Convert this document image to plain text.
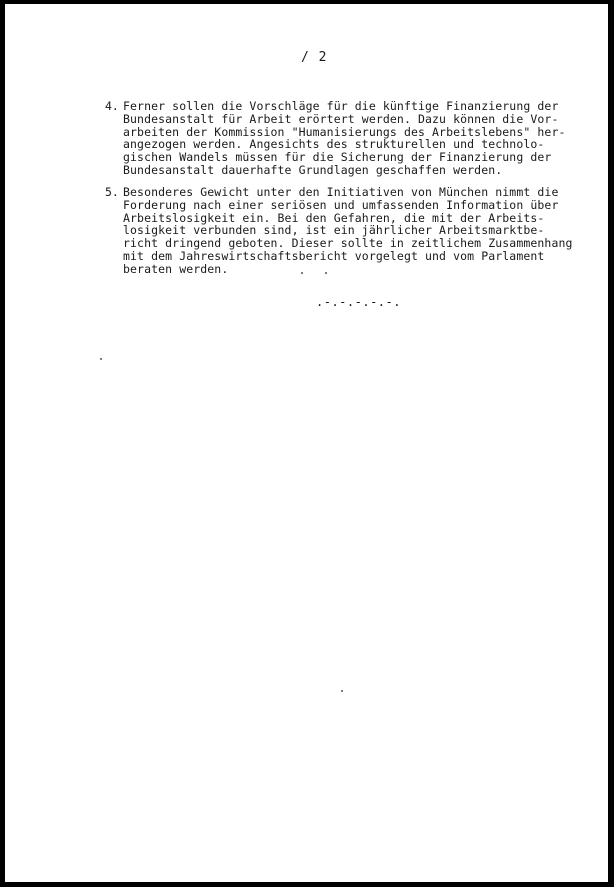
/ 2
4. Ferner sollen die Vorschläge für die künftige Finanzierung der
Bundesanstalt für Arbeit erörtert werden. Dazu können die Vor-
arbeiten der Kommission "Humanisierungs des Arbeitslebens" her-
angezogen werden. Angesichts des strukturellen und technolo-
gischen Wandels müssen für die Sicherung der Finanzierung der
Bundesanstalt dauerhafte Grundlagen geschaffen werden.
5. Besonderes Gewicht unter den Initiativen von München nimmt die
Forderung nach einer seriösen und umfassenden Information über
Arbeitslosigkeit ein. Bei den Gefahren, die mit der Arbeits-
losigkeit verbunden sind, ist ein jährlicher Arbeitsmarktbe-
richt dringend geboten. Dieser sollte in zeitlichem Zusammenhang
mit dem Jahreswirtschaftsbericht vorgelegt und vom Parlament
beraten werden.
.-.-.-.-.-.
